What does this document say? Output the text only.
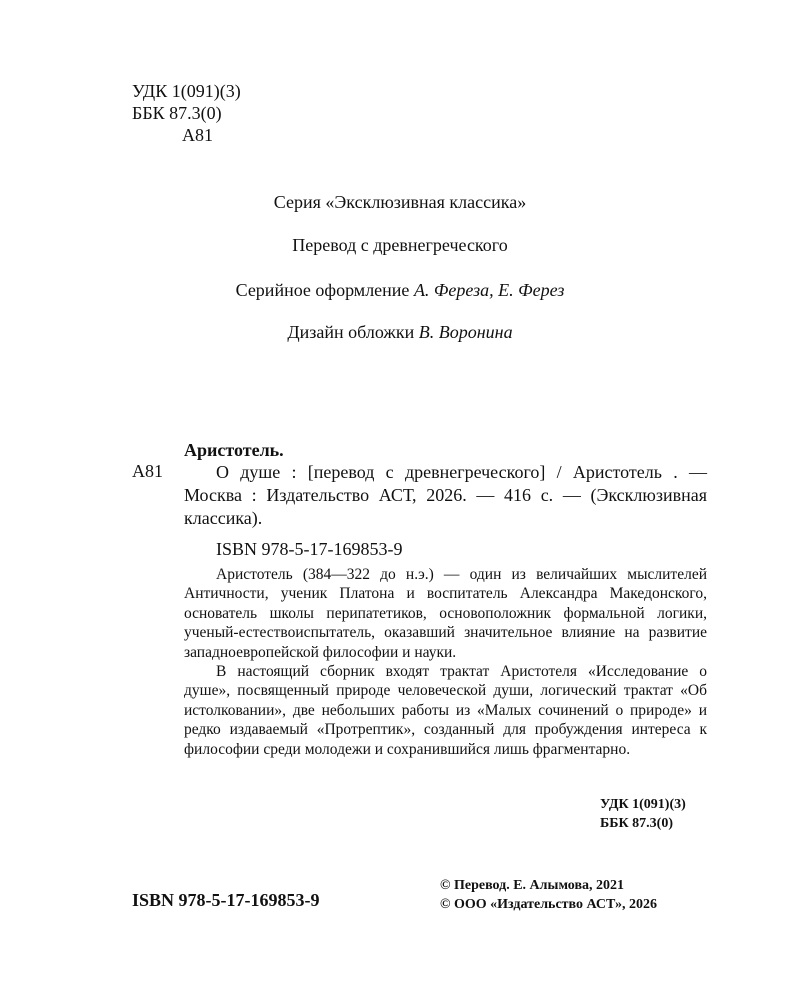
УДК 1(091)(3)
ББК 87.3(0)
А81
Серия «Эксклюзивная классика»
Перевод с древнегреческого
Серийное оформление А. Фереза, Е. Ферез
Дизайн обложки В. Воронина
Аристотель.
А81	О душе : [перевод с древнегреческого] / Аристотель . — Москва : Издательство АСТ, 2026. — 416 с. — (Эксклюзивная классика).

ISBN 978-5-17-169853-9

Аристотель (384—322 до н.э.) — один из величайших мыслителей Античности, ученик Платона и воспитатель Александра Македонского, основатель школы перипатетиков, основоположник формальной логики, ученый-естествоиспытатель, оказавший значительное влияние на развитие западноевропейской философии и науки.

В настоящий сборник входят трактат Аристотеля «Исследование о душе», посвященный природе человеческой души, логический трактат «Об истолковании», две небольших работы из «Малых сочинений о природе» и редко издаваемый «Протрептик», созданный для пробуждения интереса к философии среди молодежи и сохранившийся лишь фрагментарно.

УДК 1(091)(3)
ББК 87.3(0)
ISBN 978-5-17-169853-9
© Перевод. Е. Алымова, 2021
© ООО «Издательство АСТ», 2026
